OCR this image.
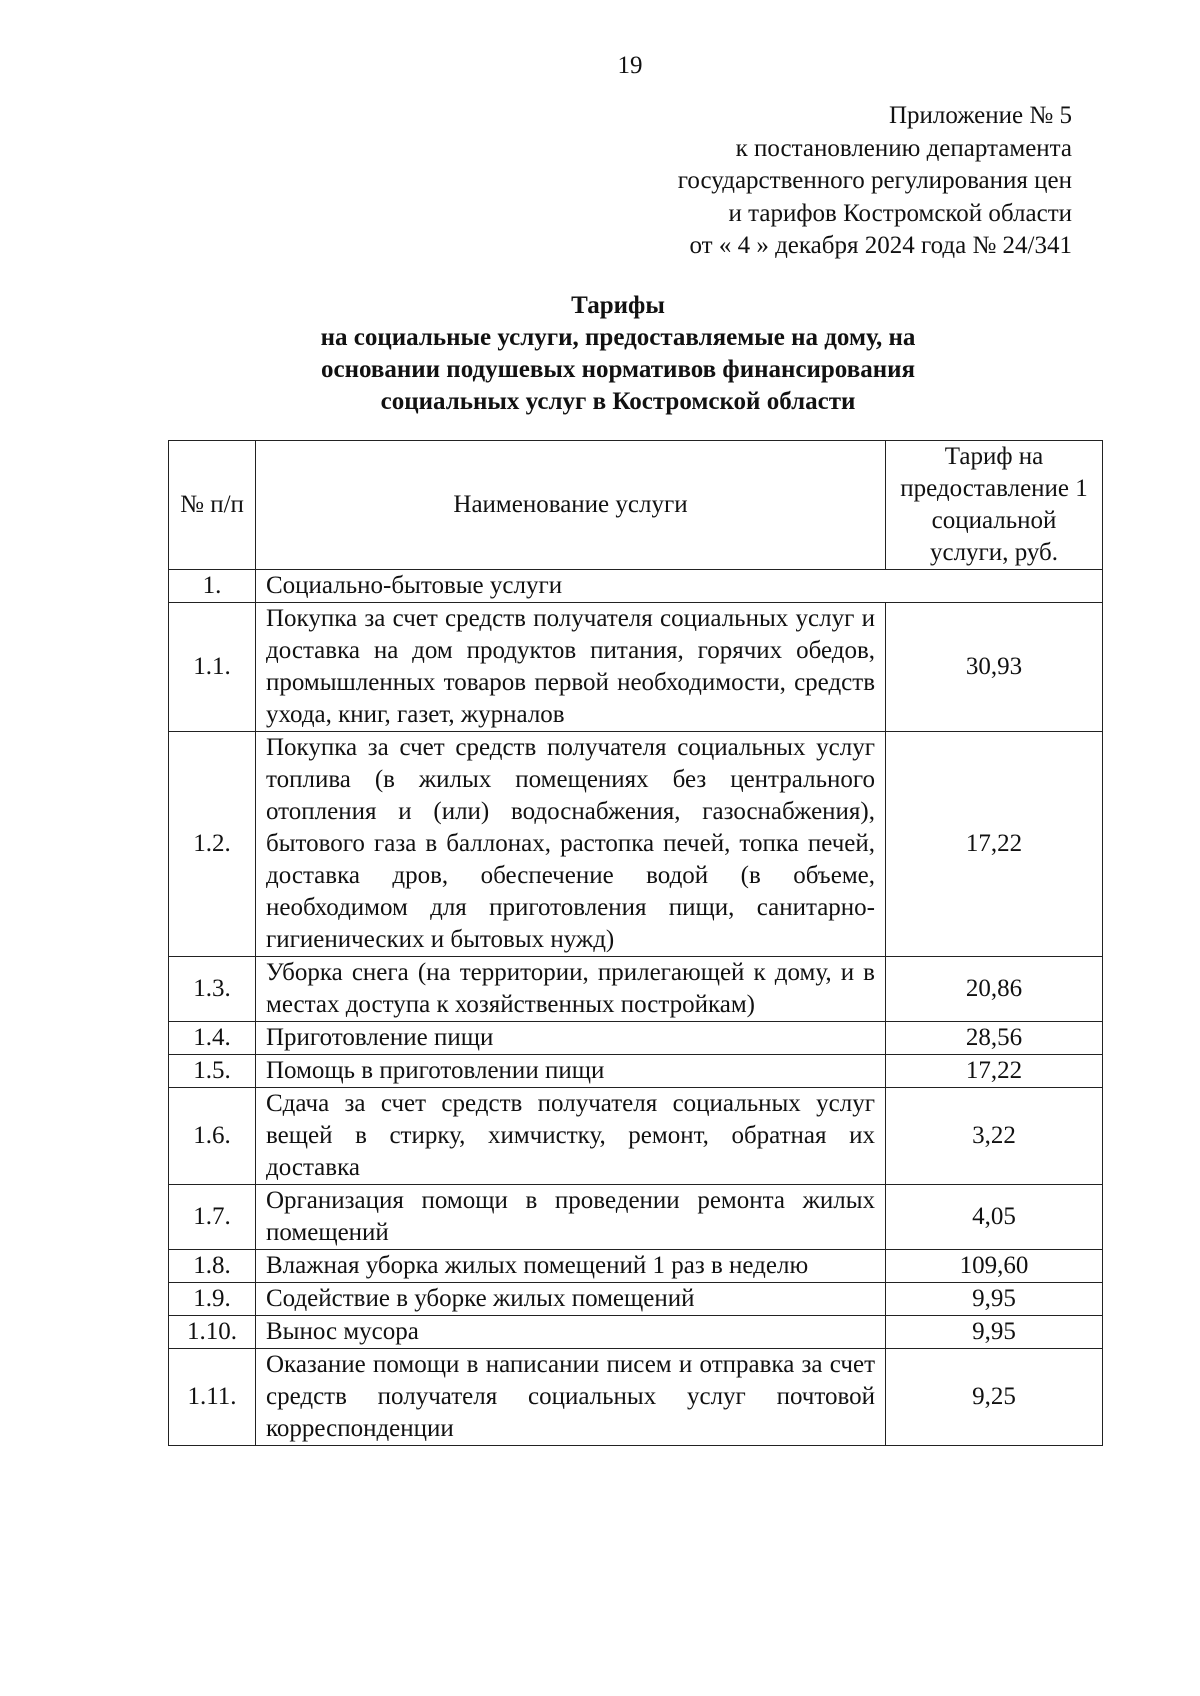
19
Приложение № 5
к постановлению департамента
государственного регулирования цен
и тарифов Костромской области
от « 4 » декабря 2024 года № 24/341
Тарифы
на социальные услуги, предоставляемые на дому, на
основании подушевых нормативов финансирования
социальных услуг в Костромской области
№ п/п	Наименование услуги	Тариф на предоставление 1 социальной услуги, руб.
1.	Социально-бытовые услуги	
1.1.	Покупка за счет средств получателя социальных услуг и доставка на дом продуктов питания, горячих обедов, промышленных товаров первой необходимости, средств ухода, книг, газет, журналов	30,93
1.2.	Покупка за счет средств получателя социальных услуг топлива (в жилых помещениях без центрального отопления и (или) водоснабжения, газоснабжения), бытового газа в баллонах, растопка печей, топка печей, доставка дров, обеспечение водой (в объеме, необходимом для приготовления пищи, санитарно-гигиенических и бытовых нужд)	17,22
1.3.	Уборка снега (на территории, прилегающей к дому, и в местах доступа к хозяйственных постройкам)	20,86
1.4.	Приготовление пищи	28,56
1.5.	Помощь в приготовлении пищи	17,22
1.6.	Сдача за счет средств получателя социальных услуг вещей в стирку, химчистку, ремонт, обратная их доставка	3,22
1.7.	Организация помощи в проведении ремонта жилых помещений	4,05
1.8.	Влажная уборка жилых помещений 1 раз в неделю	109,60
1.9.	Содействие в уборке жилых помещений	9,95
1.10.	Вынос мусора	9,95
1.11.	Оказание помощи в написании писем и отправка за счет средств получателя социальных услуг почтовой корреспонденции	9,25
